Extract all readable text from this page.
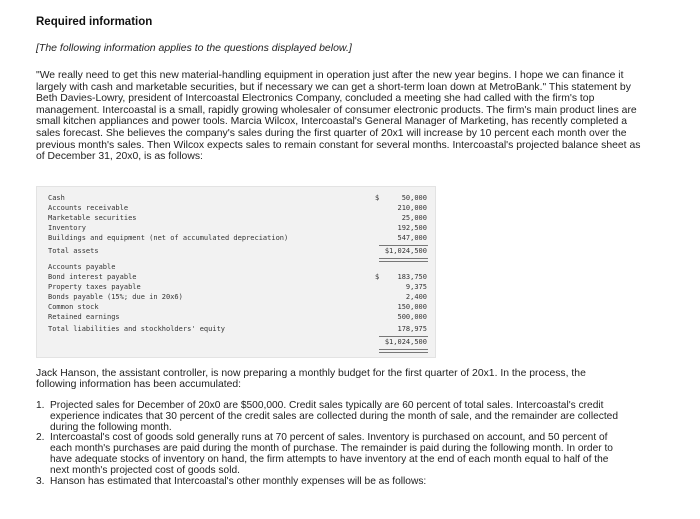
Required information
[The following information applies to the questions displayed below.]

"We really need to get this new material-handling equipment in operation just after the new year begins. I hope we can finance it largely with cash and marketable securities, but if necessary we can get a short-term loan down at MetroBank." This statement by Beth Davies-Lowry, president of Intercoastal Electronics Company, concluded a meeting she had called with the firm's top management. Intercoastal is a small, rapidly growing wholesaler of consumer electronic products. The firm's main product lines are small kitchen appliances and power tools. Marcia Wilcox, Intercoastal's General Manager of Marketing, has recently completed a sales forecast. She believes the company's sales during the first quarter of 20x1 will increase by 10 percent each month over the previous month's sales. Then Wilcox expects sales to remain constant for several months. Intercoastal's projected balance sheet as of December 31, 20x0, is as follows:

Cash	$	50,000
Accounts receivable	210,000
Marketable securities	25,000
Inventory	192,500
Buildings and equipment (net of accumulated depreciation)	547,000
Total assets	$1,024,500
Accounts payable
Bond interest payable	$	183,750
Property taxes payable	9,375
Bonds payable (15%; due in 20x6)	2,400
Common stock	150,000
Retained earnings	500,000
Total liabilities and stockholders' equity	178,975
$1,024,500

Jack Hanson, the assistant controller, is now preparing a monthly budget for the first quarter of 20x1. In the process, the following information has been accumulated:

1. Projected sales for December of 20x0 are $500,000. Credit sales typically are 60 percent of total sales. Intercoastal's credit experience indicates that 30 percent of the credit sales are collected during the month of sale, and the remainder are collected during the following month.
2. Intercoastal's cost of goods sold generally runs at 70 percent of sales. Inventory is purchased on account, and 50 percent of each month's purchases are paid during the month of purchase. The remainder is paid during the following month. In order to have adequate stocks of inventory on hand, the firm attempts to have inventory at the end of each month equal to half of the next month's projected cost of goods sold.
3. Hanson has estimated that Intercoastal's other monthly expenses will be as follows:
